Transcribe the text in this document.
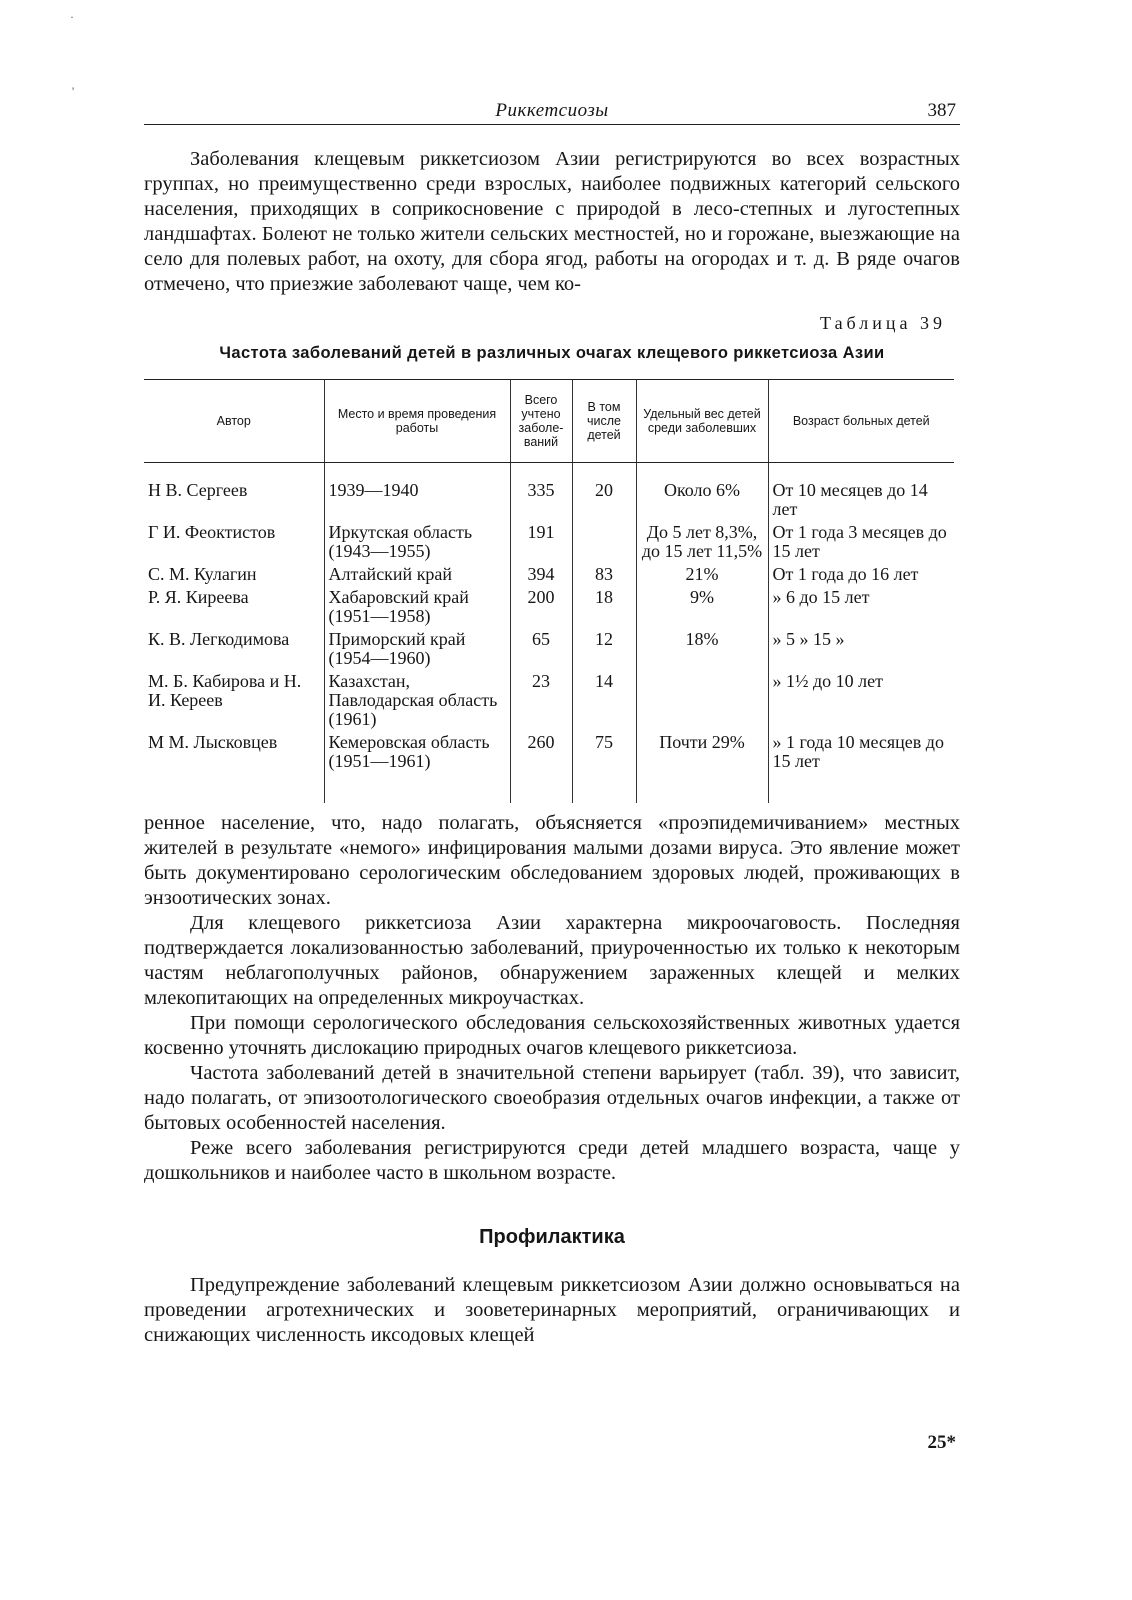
·
'
Риккетсиозы	387

Заболевания клещевым риккетсиозом Азии регистрируются во всех возрастных группах, но преимущественно среди взрослых, наиболее подвижных категорий сельского населения, приходящих в соприкосновение с природой в лесо-степных и лугостепных ландшафтах. Болеют не только жители сельских местностей, но и горожане, выезжающие на село для полевых работ, на охоту, для сбора ягод, работы на огородах и т. д. В ряде очагов отмечено, что приезжие заболевают чаще, чем ко-

Таблица 39
Частота заболеваний детей в различных очагах клещевого риккетсиоза Азии
Автор	Место и время проведения работы	Всего учтено заболеваний	В том числе детей	Удельный вес детей среди заболевших	Возраст больных детей
Н В. Сергеев	1939—1940	335	20	Около 6%	От 10 месяцев до 14 лет
Г И. Феоктистов	Иркутская область (1943—1955)	191		До 5 лет 8,3%, до 15 лет 11,5%	От 1 года 3 месяцев до 15 лет
С. М. Кулагин	Алтайский край	394	83	21%	От 1 года до 16 лет
Р. Я. Киреева	Хабаровский край (1951—1958)	200	18	9%	» 6 до 15 лет
К. В. Легкодимова	Приморский край (1954—1960)	65	12	18%	» 5 » 15 »
М. Б. Кабирова и Н. И. Кереев	Казахстан, Павлодарская область (1961)	23	14		» 1½ до 10 лет
М М. Лысковцев	Кемеровская область (1951—1961)	260	75	Почти 29%	» 1 года 10 месяцев до 15 лет

ренное население, что, надо полагать, объясняется «проэпидемичиванием» местных жителей в результате «немого» инфицирования малыми дозами вируса. Это явление может быть документировано серологическим обследованием здоровых людей, проживающих в энзоотических зонах.

Для клещевого риккетсиоза Азии характерна микроочаговость. Последняя подтверждается локализованностью заболеваний, приуроченностью их только к некоторым частям неблагополучных районов, обнаружением зараженных клещей и мелких млекопитающих на определенных микроучастках.

При помощи серологического обследования сельскохозяйственных животных удается косвенно уточнять дислокацию природных очагов клещевого риккетсиоза.

Частота заболеваний детей в значительной степени варьирует (табл. 39), что зависит, надо полагать, от эпизоотологического своеобразия отдельных очагов инфекции, а также от бытовых особенностей населения.

Реже всего заболевания регистрируются среди детей младшего возраста, чаще у дошкольников и наиболее часто в школьном возрасте.

Профилактика

Предупреждение заболеваний клещевым риккетсиозом Азии должно основываться на проведении агротехнических и зооветеринарных мероприятий, ограничивающих и снижающих численность иксодовых клещей

25*
